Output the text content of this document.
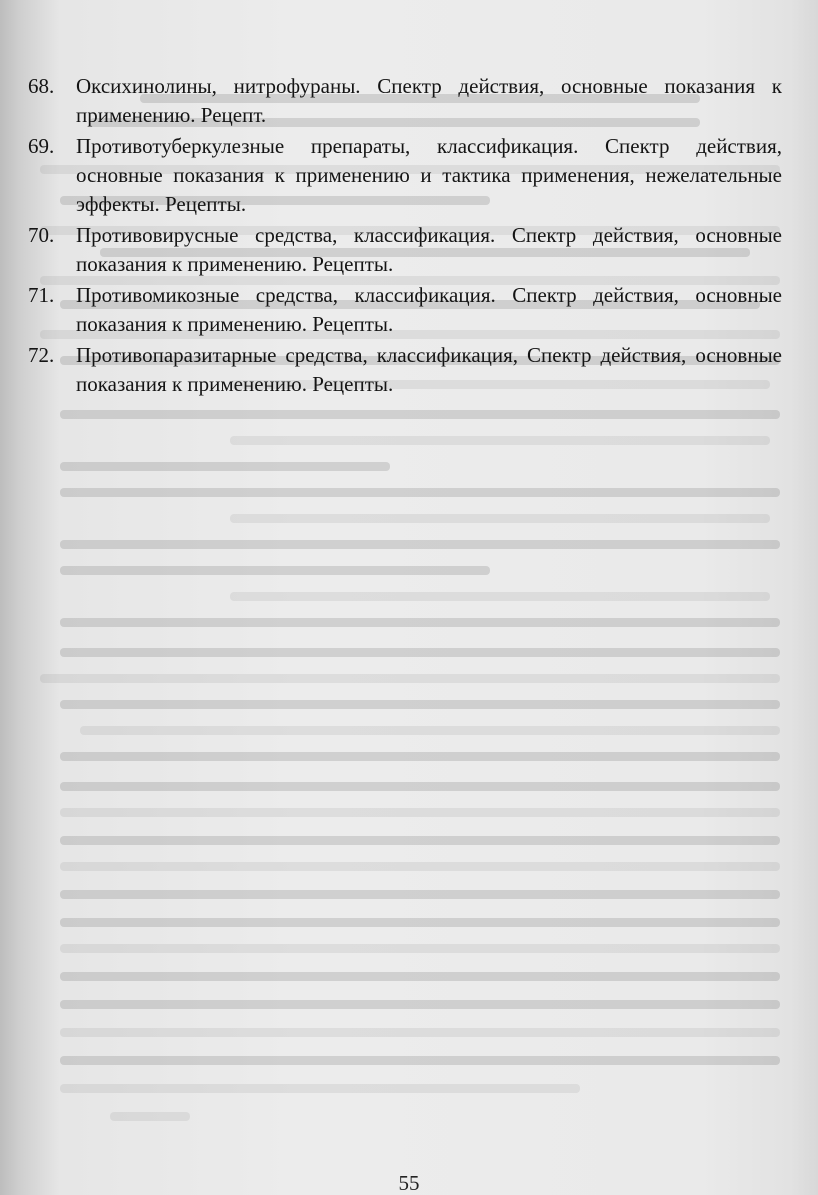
68.	Оксихинолины, нитрофураны. Спектр действия, основные показания к применению. Рецепт.
69.	Противотуберкулезные препараты, классификация. Спектр действия, основные показания к применению и тактика применения, нежелательные эффекты. Рецепты.
70.	Противовирусные средства, классификация. Спектр действия, основные показания к применению. Рецепты.
71.	Противомикозные средства, классификация. Спектр действия, основные показания к применению. Рецепты.
72.	Противопаразитарные средства, классификация, Спектр действия, основные показания к применению. Рецепты.
55
